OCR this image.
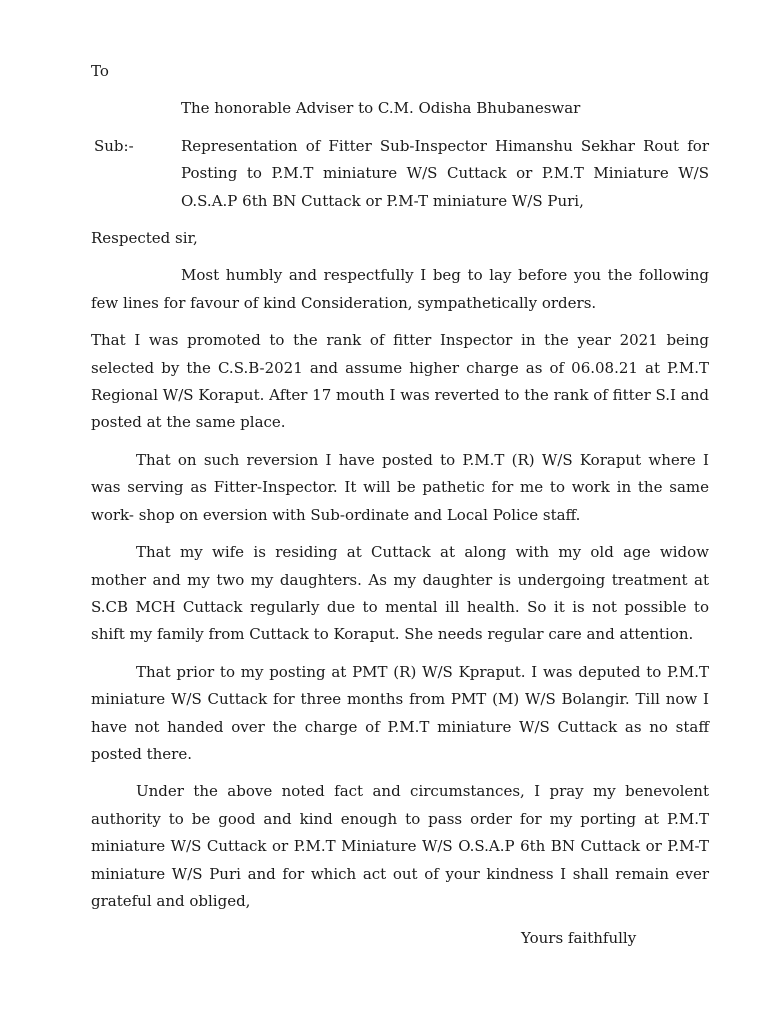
To

The honorable Adviser to C.M. Odisha Bhubaneswar

Sub:-	Representation of Fitter Sub-Inspector Himanshu Sekhar Rout for Posting to P.M.T miniature W/S Cuttack or P.M.T Miniature W/S O.S.A.P 6th BN Cuttack or P.M-T miniature W/S Puri,

Respected sir,

Most humbly and respectfully I beg to lay before you the following few lines for favour of kind Consideration, sympathetically orders.

That I was promoted to the rank of fitter Inspector in the year 2021 being selected by the C.S.B-2021 and assume higher charge as of 06.08.21 at P.M.T Regional W/S Koraput. After 17 mouth I was reverted to the rank of fitter S.I and posted at the same place.

That on such reversion I have posted to P.M.T (R) W/S Koraput where I was serving as Fitter-Inspector. It will be pathetic for me to work in the same work- shop on eversion with Sub-ordinate and Local Police staff.

That my wife is residing at Cuttack at along with my old age widow mother and my two my daughters. As my daughter is undergoing treatment at S.CB MCH Cuttack regularly due to mental ill health. So it is not possible to shift my family from Cuttack to Koraput. She needs regular care and attention.

That prior to my posting at PMT (R) W/S Kpraput. I was deputed to P.M.T miniature W/S Cuttack for three months from PMT (M) W/S Bolangir. Till now I have not handed over the charge of P.M.T miniature W/S Cuttack as no staff posted there.

Under the above noted fact and circumstances, I pray my benevolent authority to be good and kind enough to pass order for my porting at P.M.T miniature W/S Cuttack or P.M.T Miniature W/S O.S.A.P 6th BN Cuttack or P.M-T miniature W/S Puri and for which act out of your kindness I shall remain ever grateful and obliged,

Yours faithfully
